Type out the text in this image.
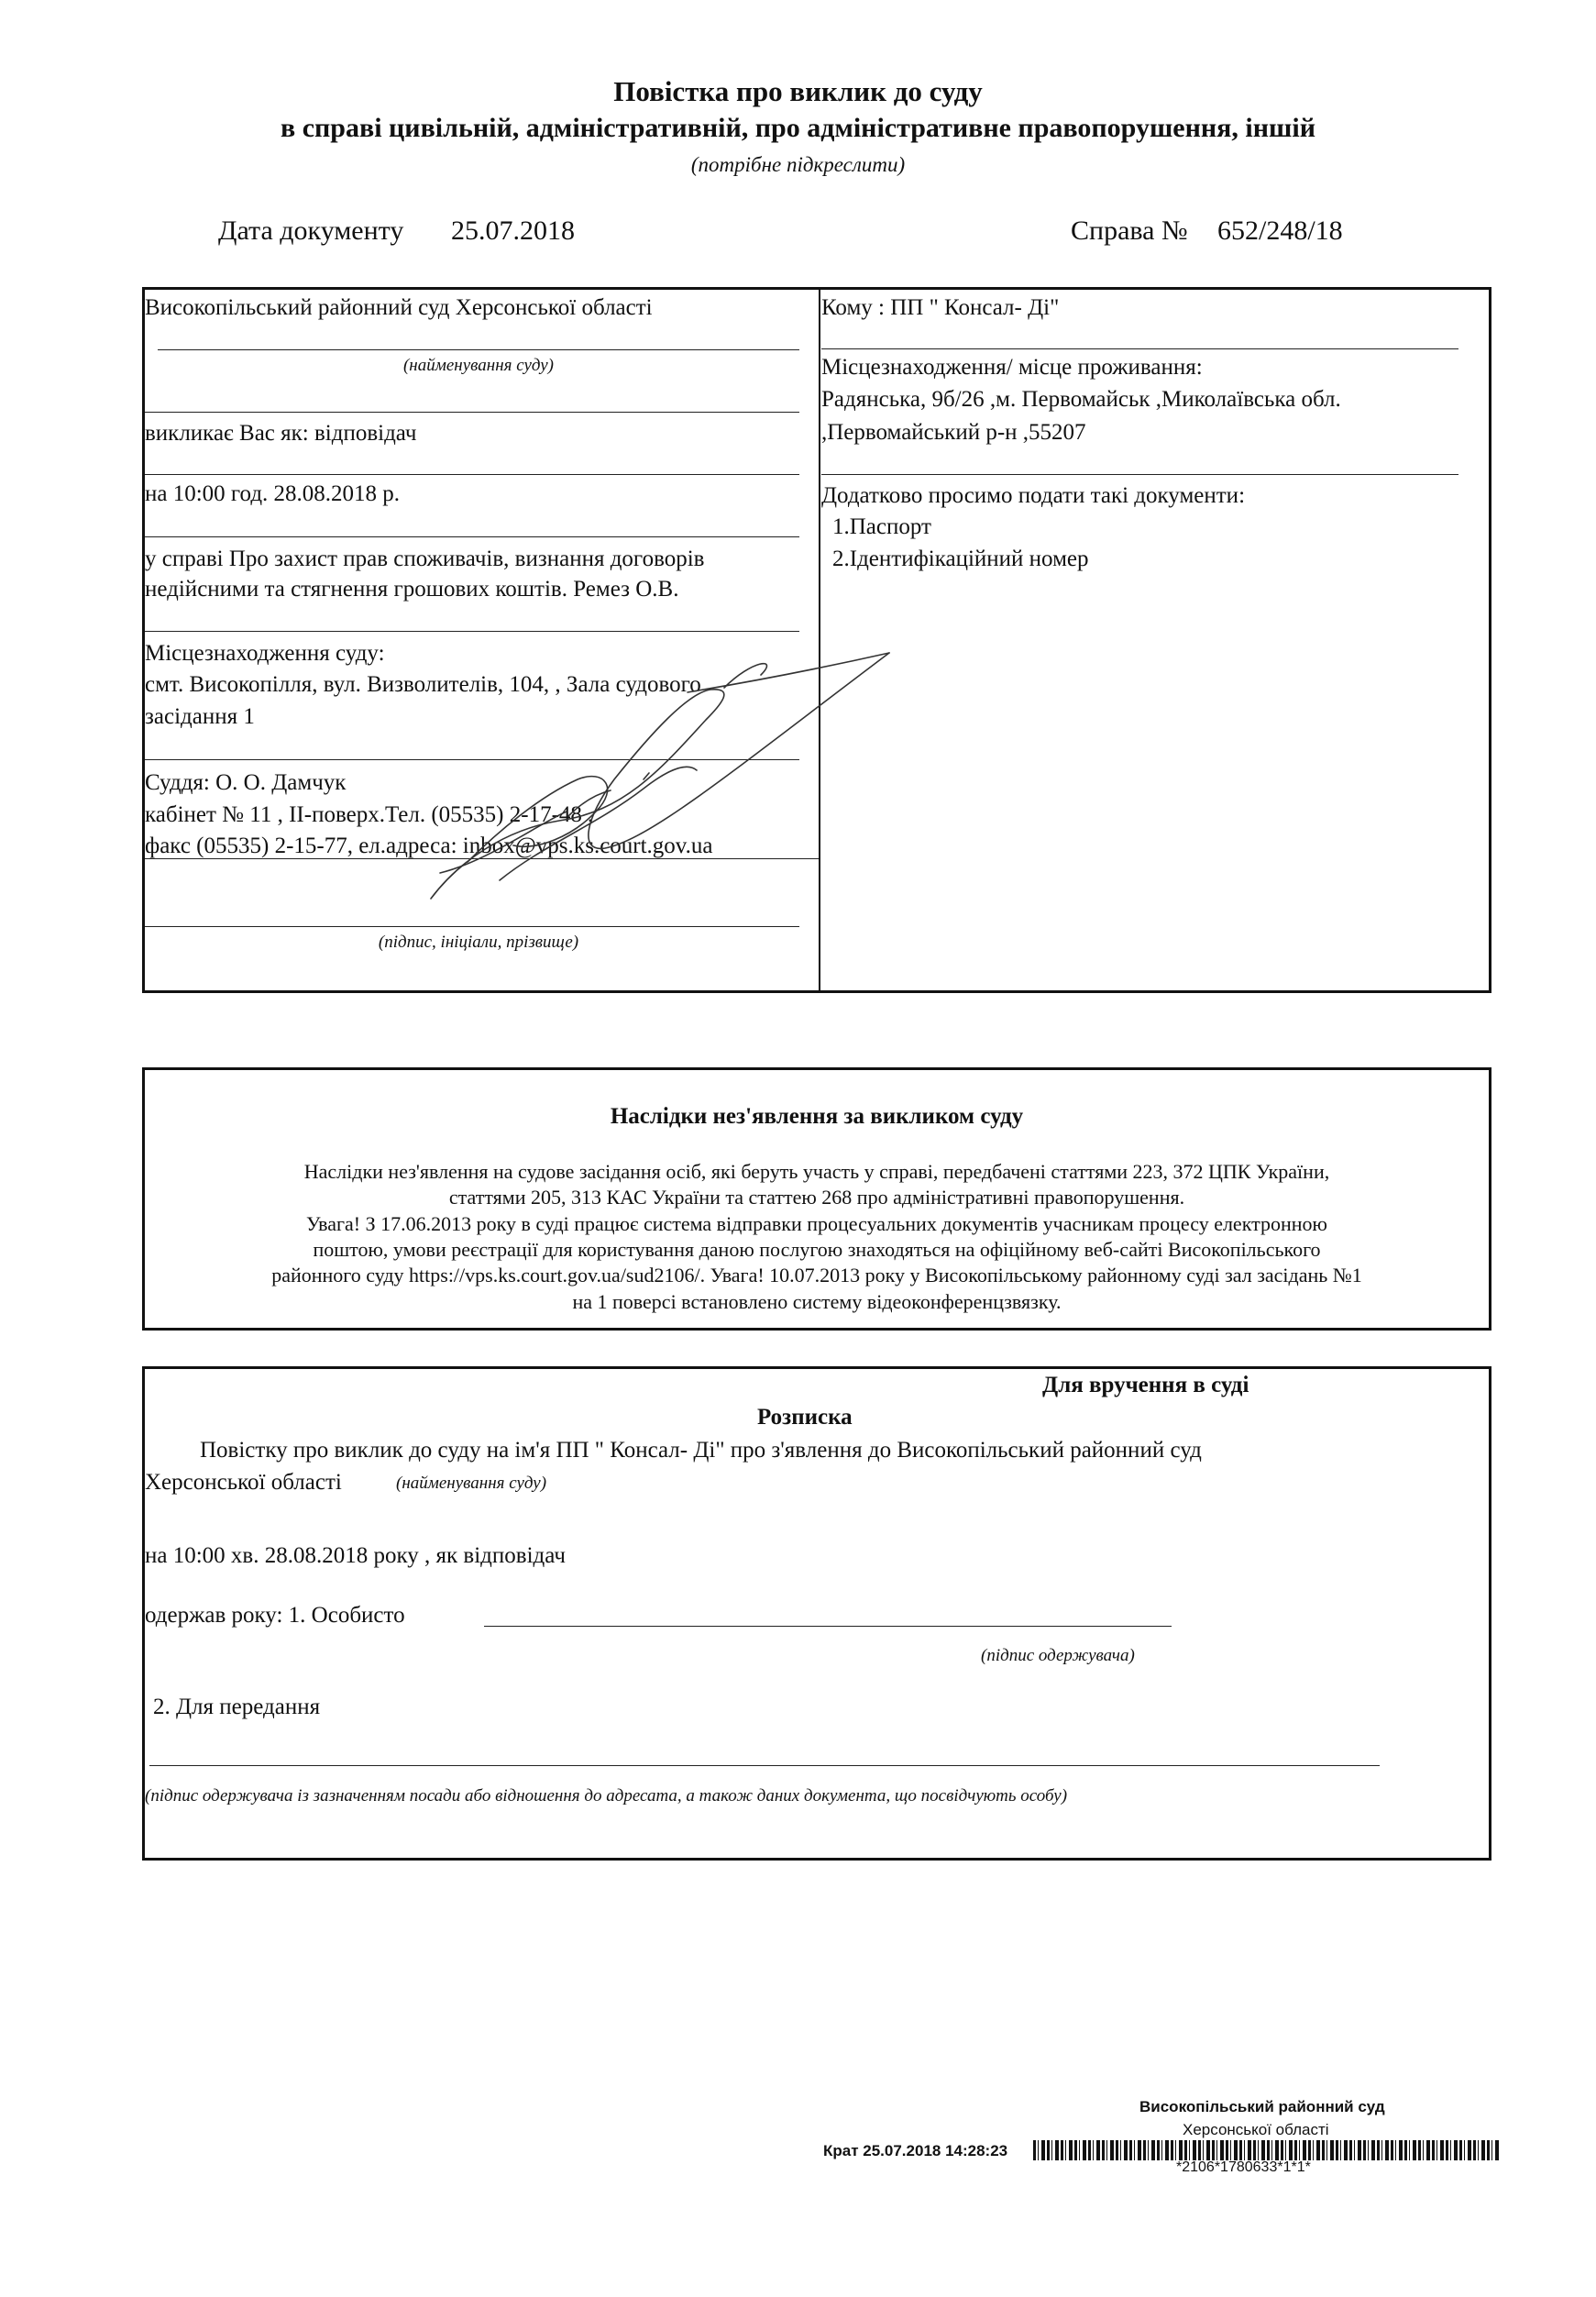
Повістка про виклик до суду
в справі цивільній, адміністративній, про адміністративне правопорушення, іншій
(потрібне підкреслити)
Дата документу 25.07.2018	Справа № 652/248/18
Високопільський районний суд Херсонської області
(найменування суду)
викликає Вас як: відповідач
на 10:00 год. 28.08.2018 р.
у справі Про захист прав споживачів, визнання договорів
недійсними та стягнення грошових коштів. Ремез О.В.
Місцезнаходження суду:
смт. Високопілля, вул. Визволителів, 104, , Зала судового
засідання 1
Суддя: О. О. Дамчук
кабінет № 11 , ІІ-поверх.Тел. (05535) 2-17-48 ,
факс (05535) 2-15-77, ел.адреса: inbox@vps.ks.court.gov.ua
(підпис, ініціали, прізвище)
Кому : ПП " Консал- Ді"
Місцезнаходження/ місце проживання:
Радянська, 9б/26 ,м. Первомайськ ,Миколаївська обл.
,Первомайський р-н ,55207
Додатково просимо подати такі документи:
1.Паспорт
2.Ідентифікаційний номер
Наслідки нез'явлення за викликом суду
Наслідки нез'явлення на судове засідання осіб, які беруть участь у справі, передбачені статтями 223, 372 ЦПК України,
статтями 205, 313 КАС України та статтею 268 про адміністративні правопорушення.
Увага! З 17.06.2013 року в суді працює система відправки процесуальних документів учасникам процесу електронною
поштою, умови реєстрації для користування даною послугою знаходяться на офіційному веб-сайті Високопільського
районного суду https://vps.ks.court.gov.ua/sud2106/. Увага! 10.07.2013 року у Високопільському районному суді зал засідань №1
на 1 поверсі встановлено систему відеоконференцзвязку.
Для вручення в суді
Розписка
Повістку про виклик до суду на ім'я ПП " Консал- Ді" про з'явлення до Високопільський районний суд
Херсонської області	(найменування суду)
на 10:00 хв. 28.08.2018 року , як відповідач
одержав року: 1. Особисто
(підпис одержувача)
2. Для передання
(підпис одержувача із зазначенням посади або відношення до адресата, а також даних документа, що посвідчують особу)
Високопільський районний суд
Херсонської області
Крат 25.07.2018 14:28:23
*2106*1780633*1*1*
